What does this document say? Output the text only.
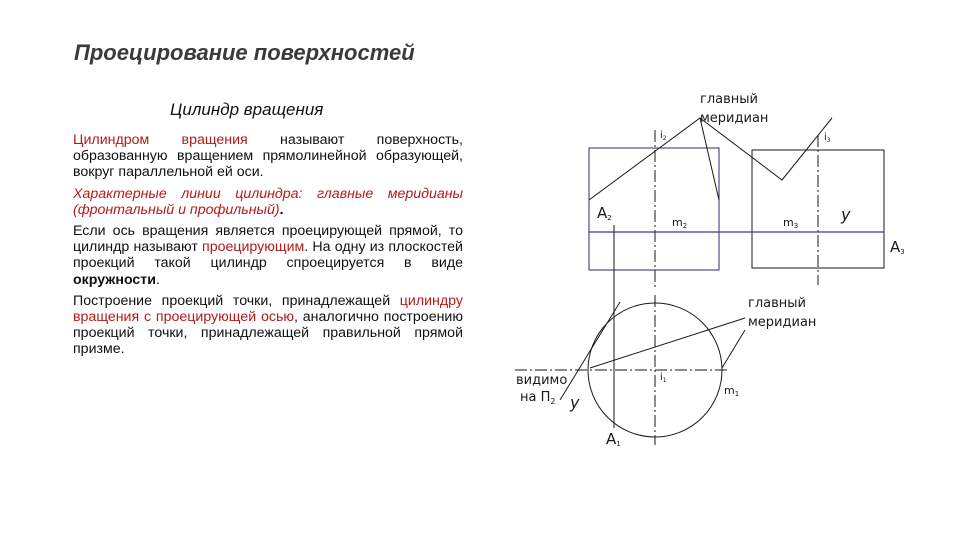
Проецирование поверхностей
Цилиндр вращения

Цилиндром вращения называют поверхность, образованную вращением прямолинейной образующей, вокруг параллельной ей оси.

Характерные линии цилиндра: главные меридианы (фронтальный и профильный).

Если ось вращения является проецирующей прямой, то цилиндр называют проецирующим. На одну из плоскостей проекций такой цилиндр спроецируется в виде окружности.

Построение проекций точки, принадлежащей цилиндру вращения с проецирующей осью, аналогично построению проекций точки, принадлежащей правильной прямой призме.

главный
меридиан
главный
меридиан
видимо
на $П_2$
A2
A3
A1
m2	m3
m1
$i_1$
$i_2$	$i_3$
y
y
